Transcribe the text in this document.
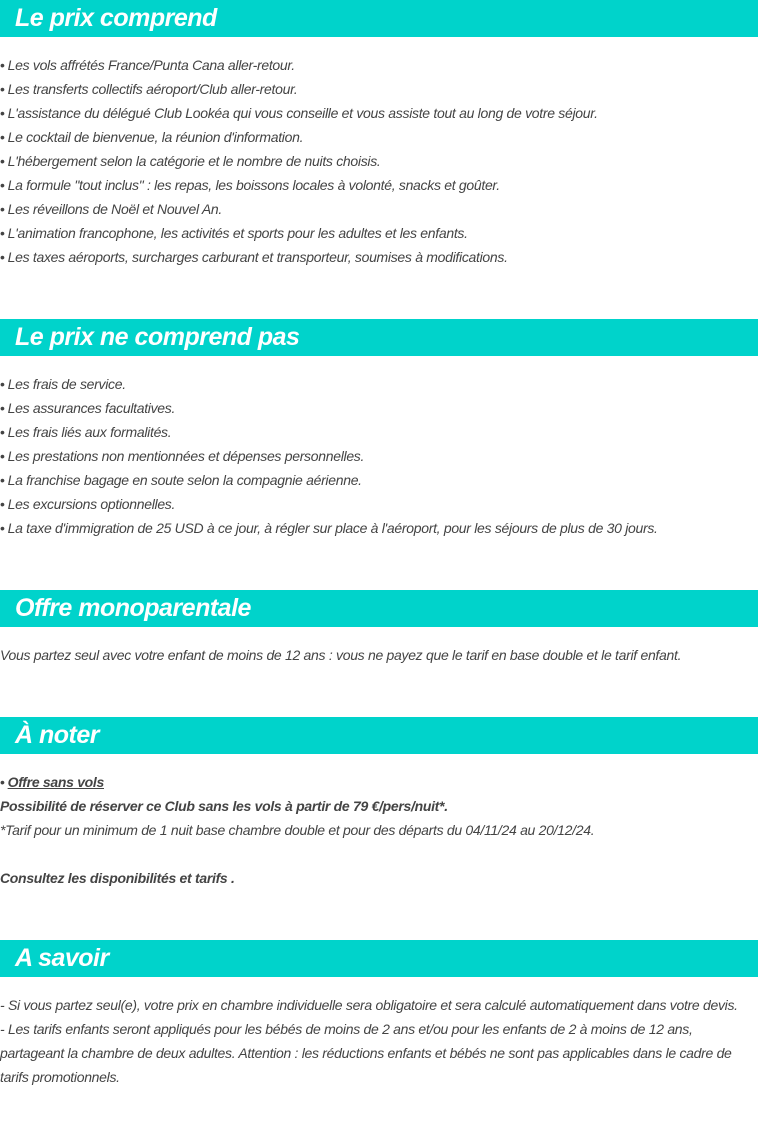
Le prix comprend
• Les vols affrétés France/Punta Cana aller-retour.
• Les transferts collectifs aéroport/Club aller-retour.
• L'assistance du délégué Club Lookéa qui vous conseille et vous assiste tout au long de votre séjour.
• Le cocktail de bienvenue, la réunion d'information.
• L'hébergement selon la catégorie et le nombre de nuits choisis.
• La formule "tout inclus" : les repas, les boissons locales à volonté, snacks et goûter.
• Les réveillons de Noël et Nouvel An.
• L'animation francophone, les activités et sports pour les adultes et les enfants.
• Les taxes aéroports, surcharges carburant et transporteur, soumises à modifications.
Le prix ne comprend pas
• Les frais de service.
• Les assurances facultatives.
• Les frais liés aux formalités.
• Les prestations non mentionnées et dépenses personnelles.
• La franchise bagage en soute selon la compagnie aérienne.
• Les excursions optionnelles.
• La taxe d'immigration de 25 USD à ce jour, à régler sur place à l'aéroport, pour les séjours de plus de 30 jours.
Offre monoparentale
Vous partez seul avec votre enfant de moins de 12 ans : vous ne payez que le tarif en base double et le tarif enfant.
À noter
• Offre sans vols
Possibilité de réserver ce Club sans les vols à partir de 79 €/pers/nuit*.
*Tarif pour un minimum de 1 nuit base chambre double et pour des départs du 04/11/24 au 20/12/24.
Consultez les disponibilités et tarifs .
A savoir
- Si vous partez seul(e), votre prix en chambre individuelle sera obligatoire et sera calculé automatiquement dans votre devis.
- Les tarifs enfants seront appliqués pour les bébés de moins de 2 ans et/ou pour les enfants de 2 à moins de 12 ans, partageant la chambre de deux adultes. Attention : les réductions enfants et bébés ne sont pas applicables dans le cadre de tarifs promotionnels.
